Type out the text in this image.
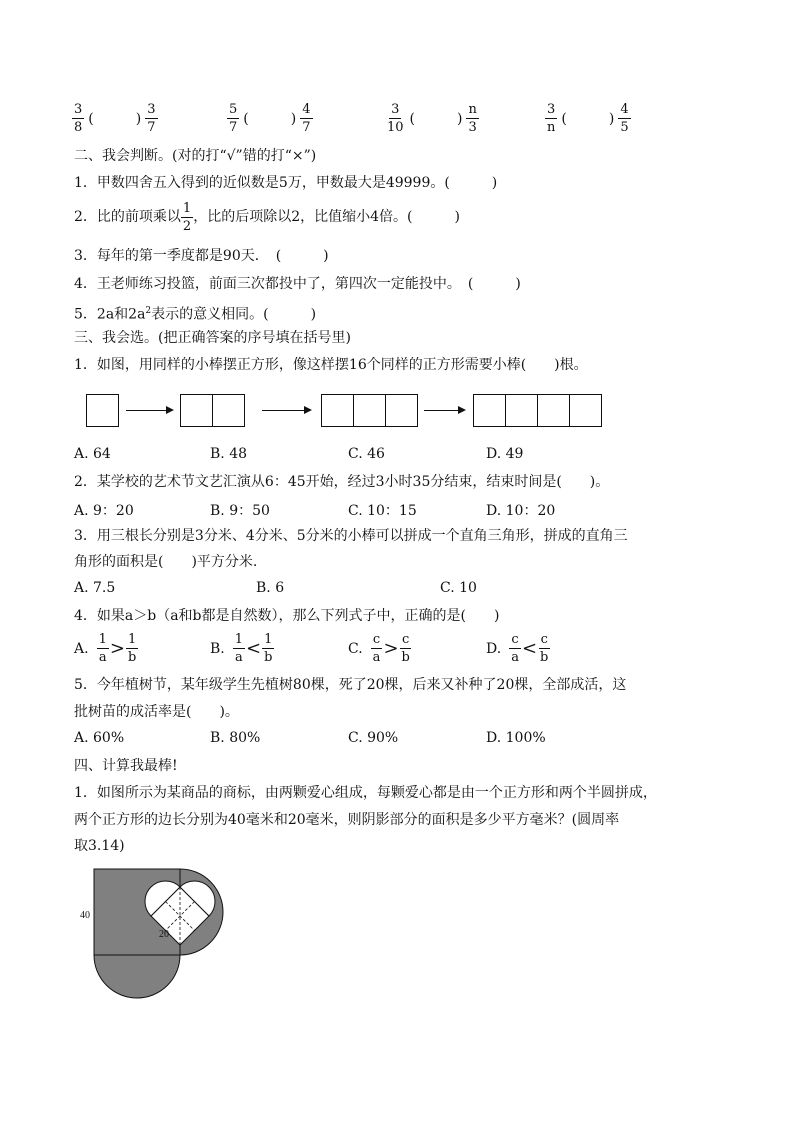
$\frac{3}{8}$ (　　　) $\frac{3}{7}$	$\frac{5}{7}$ (　　　) $\frac{4}{7}$	$\frac{3}{10}$ (　　　) $\frac{n}{3}$	$\frac{3}{n}$ (　　　) $\frac{4}{5}$
二、我会判断。(对的打“√”错的打“×”)
1．甲数四舍五入得到的近似数是5万，甲数最大是49999。(　　　)
2．比的前项乘以 $\frac{1}{2}$ ，比的后项除以2，比值缩小4倍。(　　　)
3．每年的第一季度都是90天．　(　　　)
4．王老师练习投篮，前面三次都投中了，第四次一定能投中。　(　　　)
5．2a和$2a^2$表示的意义相同。(　　　)
三、我会选。(把正确答案的序号填在括号里)
1．如图，用同样的小棒摆正方形，像这样摆16个同样的正方形需要小棒(　　)根。
A. 64	B. 48	C. 46	D. 49
2．某学校的艺术节文艺汇演从6：45开始，经过3小时35分结束，结束时间是(　　)。
A. 9：20	B. 9：50	C. 10：15	D. 10：20
3．用三根长分别是3分米、4分米、5分米的小棒可以拼成一个直角三角形，拼成的直角三
角形的面积是(　　)平方分米.
A. 7.5	B. 6	C. 10
4．如果a＞b（a和b都是自然数），那么下列式子中，正确的是(　　)
A. $\frac{1}{a} > \frac{1}{b}$	B. $\frac{1}{a} < \frac{1}{b}$	C. $\frac{c}{a} > \frac{c}{b}$	D. $\frac{c}{a} < \frac{c}{b}$
5．今年植树节，某年级学生先植树80棵，死了20棵，后来又补种了20棵，全部成活，这
批树苗的成活率是(　　)。
A. 60%	B. 80%	C. 90%	D. 100%
四、计算我最棒!
1．如图所示为某商品的商标，由两颗爱心组成，每颗爱心都是由一个正方形和两个半圆拼成，
两个正方形的边长分别为40毫米和20毫米，则阴影部分的面积是多少平方毫米？(圆周率
取3.14)
40
20
